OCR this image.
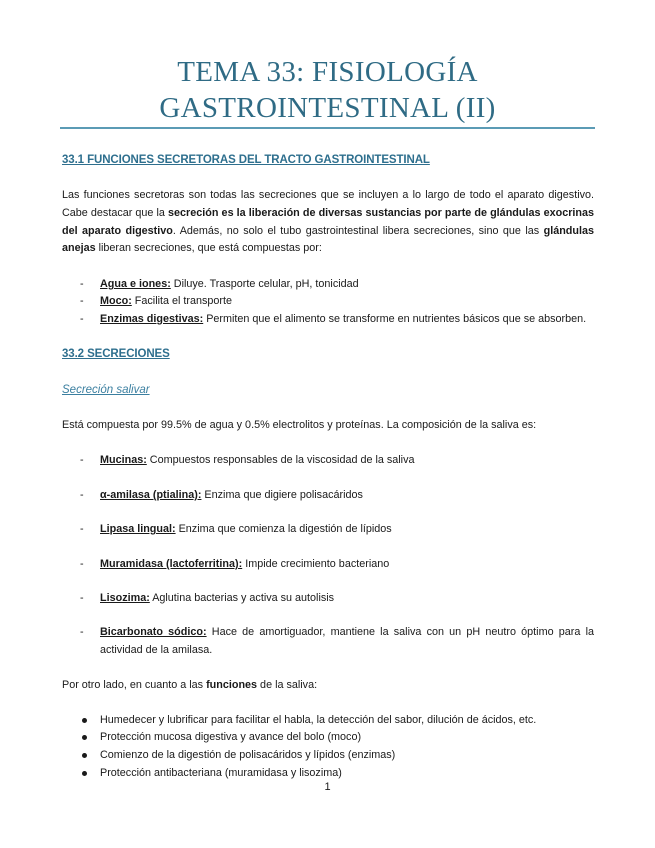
TEMA 33: FISIOLOGÍA
GASTROINTESTINAL (II)
33.1 FUNCIONES SECRETORAS DEL TRACTO GASTROINTESTINAL

Las funciones secretoras son todas las secreciones que se incluyen a lo largo de todo el aparato digestivo. Cabe destacar que la secreción es la liberación de diversas sustancias por parte de glándulas exocrinas del aparato digestivo. Además, no solo el tubo gastrointestinal libera secreciones, sino que las glándulas anejas liberan secreciones, que está compuestas por:

-	Agua e iones: Diluye. Trasporte celular, pH, tonicidad
-	Moco: Facilita el transporte
-	Enzimas digestivas: Permiten que el alimento se transforme en nutrientes básicos que se absorben.
33.2 SECRECIONES
Secreción salivar

Está compuesta por 99.5% de agua y 0.5% electrolitos y proteínas. La composición de la saliva es:

-	Mucinas: Compuestos responsables de la viscosidad de la saliva
-	α-amilasa (ptialina): Enzima que digiere polisacáridos
-	Lipasa lingual: Enzima que comienza la digestión de lípidos
-	Muramidasa (lactoferritina): Impide crecimiento bacteriano
-	Lisozima: Aglutina bacterias y activa su autolisis
-	Bicarbonato sódico: Hace de amortiguador, mantiene la saliva con un pH neutro óptimo para la actividad de la amilasa.

Por otro lado, en cuanto a las funciones de la saliva:

Humedecer y lubrificar para facilitar el habla, la detección del sabor, dilución de ácidos, etc.
Protección mucosa digestiva y avance del bolo (moco)
Comienzo de la digestión de polisacáridos y lípidos (enzimas)
Protección antibacteriana (muramidasa y lisozima)
1
